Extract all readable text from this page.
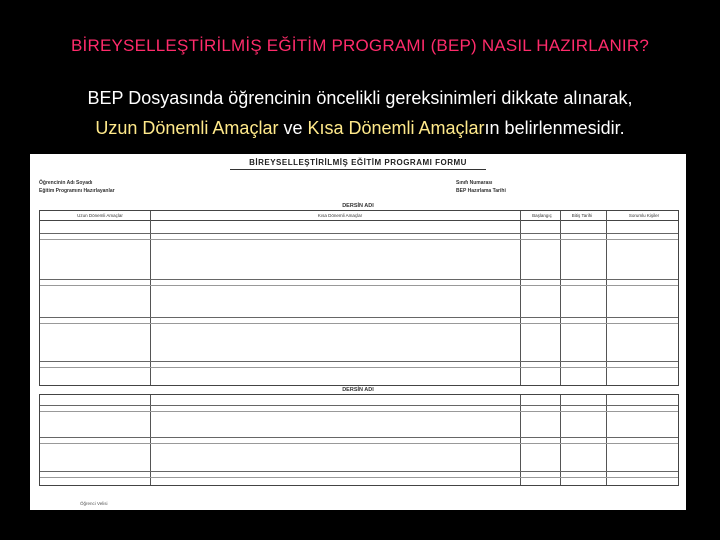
BİREYSELLEŞTİRİLMİŞ EĞİTİM PROGRAMI (BEP) NASIL HAZIRLANIR?
BEP Dosyasında öğrencinin öncelikli gereksinimleri dikkate alınarak,
Uzun Dönemli Amaçlar ve Kısa Dönemli Amaçların belirlenmesidir.
BİREYSELLEŞTİRİLMİŞ EĞİTİM PROGRAMI FORMU
Öğrencinin Adı Soyadı
Eğitim Programını Hazırlayanlar
Sınıfı Numarası
BEP Hazırlama Tarihi
DERSİN ADI
Uzun Dönemli Amaçlar	Kısa Dönemli Amaçlar	Başlangıç	Bitiş Tarihi	Sorumlu Kişiler
DERSİN ADI
Öğrenci Velisi
